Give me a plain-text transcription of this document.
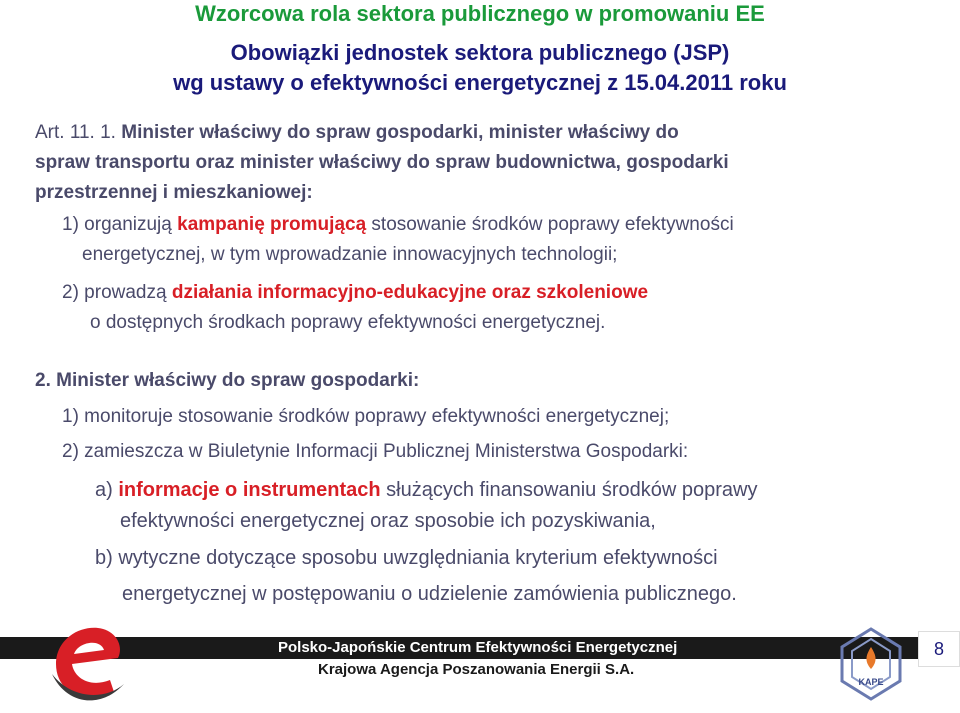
Wzorcowa rola sektora publicznego w promowaniu EE
Obowiązki jednostek sektora publicznego (JSP)
wg ustawy o efektywności energetycznej z 15.04.2011 roku
Art. 11. 1. Minister właściwy do spraw gospodarki, minister właściwy do
spraw transportu oraz minister właściwy do spraw budownictwa, gospodarki
przestrzennej i mieszkaniowej:
1) organizują kampanię promującą stosowanie środków poprawy efektywności
energetycznej, w tym wprowadzanie innowacyjnych technologii;
2) prowadzą działania informacyjno-edukacyjne oraz szkoleniowe
o dostępnych środkach poprawy efektywności energetycznej.
2. Minister właściwy do spraw gospodarki:
1) monitoruje stosowanie środków poprawy efektywności energetycznej;
2) zamieszcza w Biuletynie Informacji Publicznej Ministerstwa Gospodarki:
a) informacje o instrumentach służących finansowaniu środków poprawy
efektywności energetycznej oraz sposobie ich pozyskiwania,
b) wytyczne dotyczące sposobu uwzględniania kryterium efektywności
energetycznej w postępowaniu o udzielenie zamówienia publicznego.
Polsko-Japońskie Centrum Efektywności Energetycznej
Krajowa Agencja Poszanowania Energii S.A.
8
KAPE
